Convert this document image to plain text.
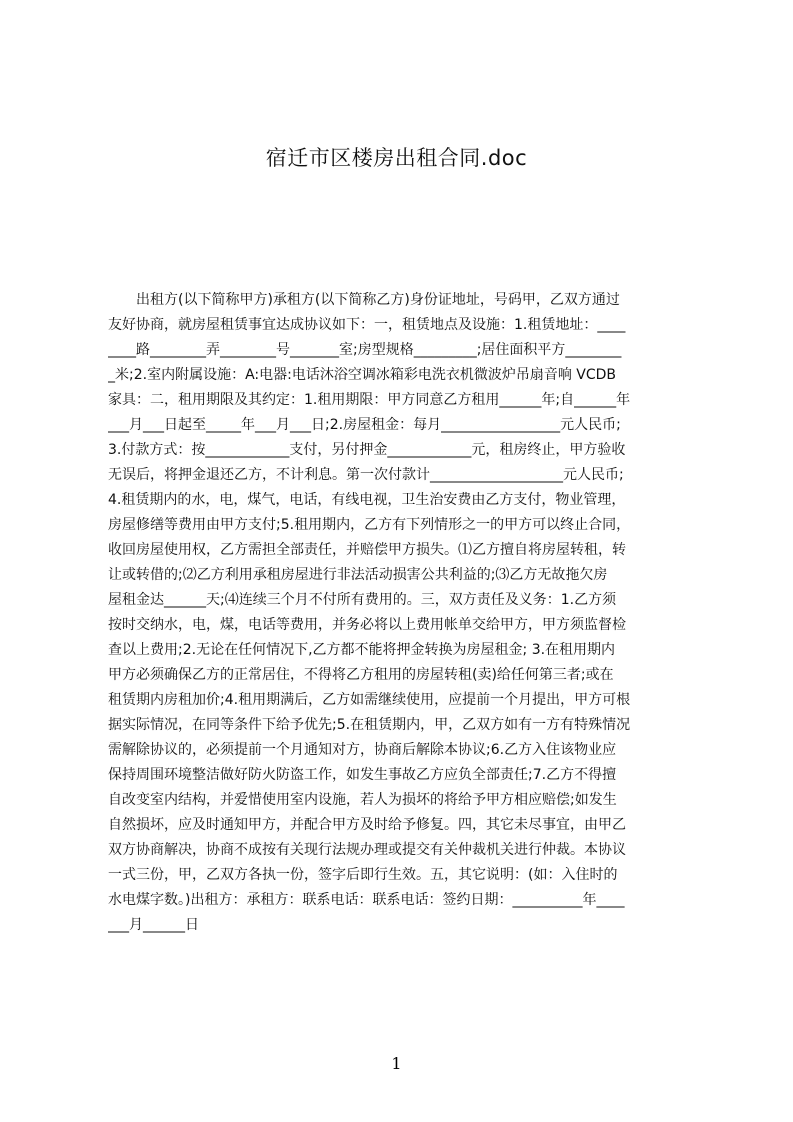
宿迁市区楼房出租合同.doc
　　出租方(以下简称甲方)承租方(以下简称乙方)身份证地址，号码甲，乙双方通过
友好协商，就房屋租赁事宜达成协议如下：一，租赁地点及设施：1.租赁地址：____
____路________弄________号_______室;房型规格_________;居住面积平方________
_米;2.室内附属设施：A:电器:电话沐浴空调冰箱彩电洗衣机微波炉吊扇音响 VCDB
家具：二，租用期限及其约定：1.租用期限：甲方同意乙方租用______年;自______年
___月___日起至_____年___月___日;2.房屋租金：每月_________________元人民币;
3.付款方式：按____________支付，另付押金____________元，租房终止，甲方验收
无误后，将押金退还乙方，不计利息。第一次付款计___________________元人民币;
4.租赁期内的水，电，煤气，电话，有线电视，卫生治安费由乙方支付，物业管理，
房屋修缮等费用由甲方支付;5.租用期内，乙方有下列情形之一的甲方可以终止合同，
收回房屋使用权，乙方需担全部责任，并赔偿甲方损失。⑴乙方擅自将房屋转租，转
让或转借的;⑵乙方利用承租房屋进行非法活动损害公共利益的;⑶乙方无故拖欠房
屋租金达______天;⑷连续三个月不付所有费用的。三，双方责任及义务：1.乙方须
按时交纳水，电，煤，电话等费用，并务必将以上费用帐单交给甲方，甲方须监督检
查以上费用;2.无论在任何情况下,乙方都不能将押金转换为房屋租金; 3.在租用期内
甲方必须确保乙方的正常居住，不得将乙方租用的房屋转租(卖)给任何第三者;或在
租赁期内房租加价;4.租用期满后，乙方如需继续使用，应提前一个月提出，甲方可根
据实际情况，在同等条件下给予优先;5.在租赁期内，甲，乙双方如有一方有特殊情况
需解除协议的，必须提前一个月通知对方，协商后解除本协议;6.乙方入住该物业应
保持周围环境整洁做好防火防盗工作，如发生事故乙方应负全部责任;7.乙方不得擅
自改变室内结构，并爱惜使用室内设施，若人为损坏的将给予甲方相应赔偿;如发生
自然损坏，应及时通知甲方，并配合甲方及时给予修复。四，其它未尽事宜，由甲乙
双方协商解决，协商不成按有关现行法规办理或提交有关仲裁机关进行仲裁。本协议
一式三份，甲，乙双方各执一份，签字后即行生效。五，其它说明：(如：入住时的
水电煤字数。)出租方：承租方：联系电话：联系电话：签约日期：__________年____
___月______日
1
